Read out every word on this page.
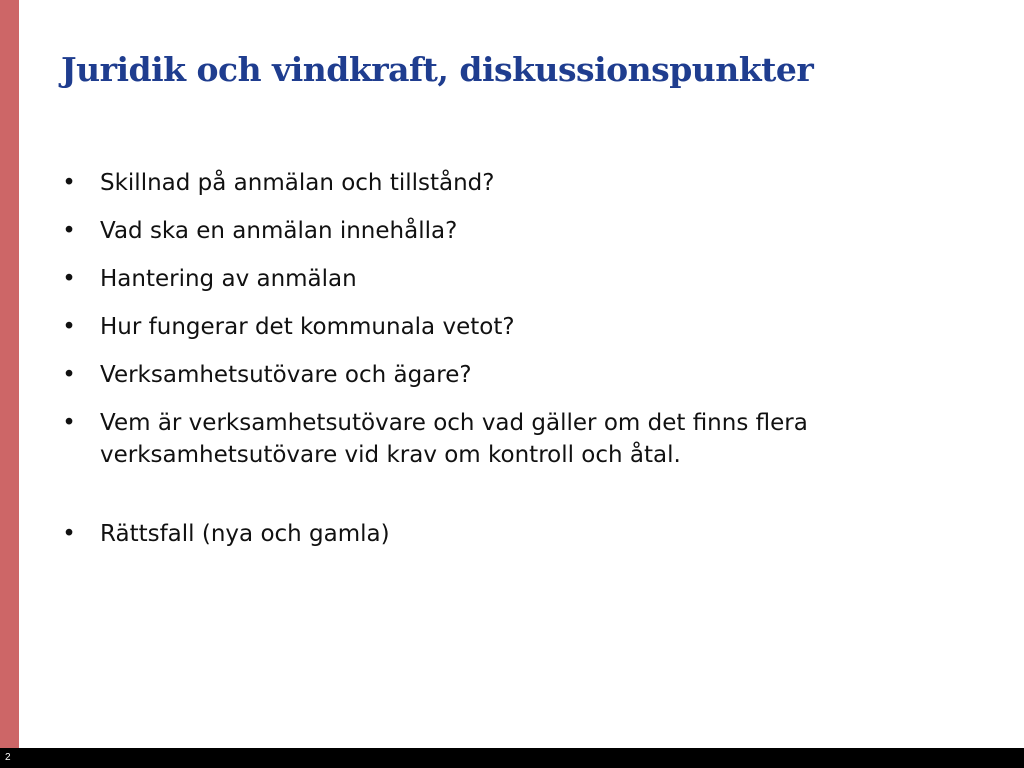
Juridik och vindkraft, diskussionspunkter
• Skillnad på anmälan och tillstånd?
• Vad ska en anmälan innehålla?
• Hantering av anmälan
• Hur fungerar det kommunala vetot?
• Verksamhetsutövare och ägare?
• Vem är verksamhetsutövare och vad gäller om det finns flera verksamhetsutövare vid krav om kontroll och åtal.
• Rättsfall (nya och gamla)
2
